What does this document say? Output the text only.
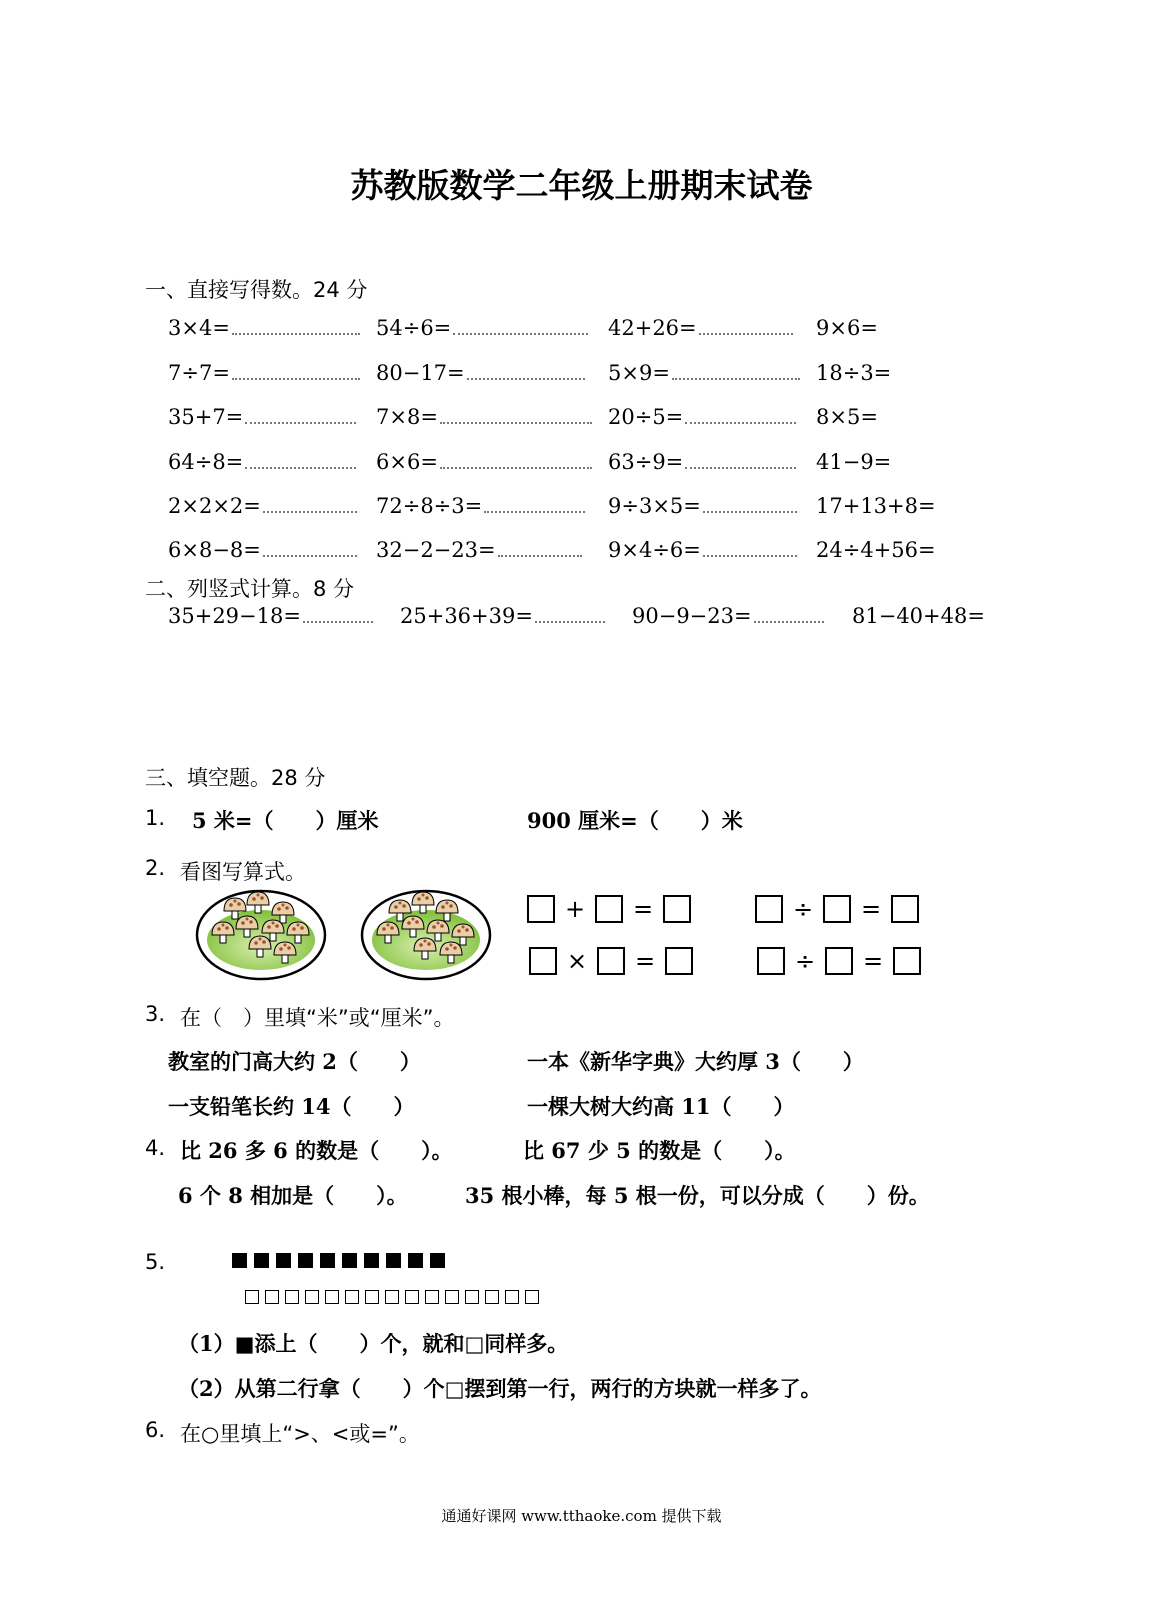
苏教版数学二年级上册期末试卷
一、直接写得数。24 分
3×4=	54÷6=	42+26=	9×6=
7÷7=	80−17=	5×9=	18÷3=
35+7=	7×8=	20÷5=	8×5=
64÷8=	6×6=	63÷9=	41−9=
2×2×2=	72÷8÷3=	9÷3×5=	17+13+8=
6×8−8=	32−2−23=	9×4÷6=	24÷4+56=
二、列竖式计算。8 分
35+29−18=	25+36+39=	90−9−23=	81−40+48=
三、填空题。28 分
1. 5 米=（　　）厘米	900 厘米=（　　）米
2. 看图写算式。
+ =	÷ =
× =	÷ =
3. 在（　）里填“米”或“厘米”。
教室的门高大约 2（　　）	一本《新华字典》大约厚 3（　　）
一支铅笔长约 14（　　）	一棵大树大约高 11（　　）
4. 比 26 多 6 的数是（　　）。	比 67 少 5 的数是（　　）。
6 个 8 相加是（　　）。	35 根小棒，每 5 根一份，可以分成（　　）份。
5.
（1）■添上（　　）个，就和□同样多。
（2）从第二行拿（　　）个□摆到第一行，两行的方块就一样多了。
6. 在○里填上“>、<或=”。
通通好课网 www.tthaoke.com 提供下载
